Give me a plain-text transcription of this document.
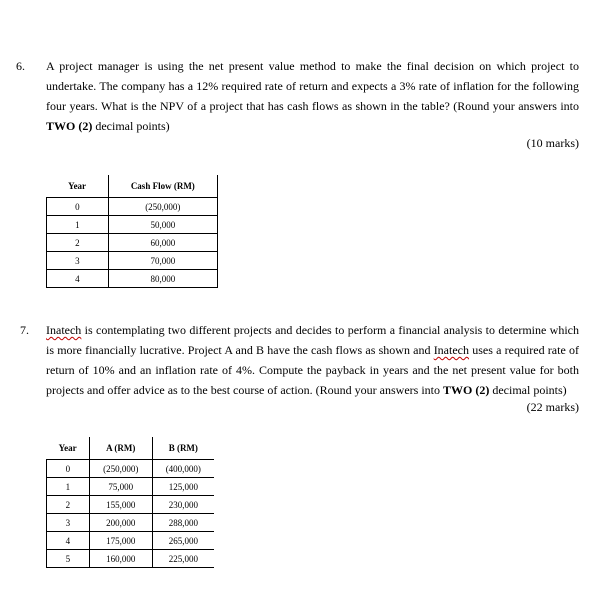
6. A project manager is using the net present value method to make the final decision on which project to undertake. The company has a 12% required rate of return and expects a 3% rate of inflation for the following four years. What is the NPV of a project that has cash flows as shown in the table? (Round your answers into TWO (2) decimal points)
(10 marks)
Year	Cash Flow (RM)
0	(250,000)
1	50,000
2	60,000
3	70,000
4	80,000
7. Inatech is contemplating two different projects and decides to perform a financial analysis to determine which is more financially lucrative. Project A and B have the cash flows as shown and Inatech uses a required rate of return of 10% and an inflation rate of 4%. Compute the payback in years and the net present value for both projects and offer advice as to the best course of action. (Round your answers into TWO (2) decimal points)
(22 marks)
Year	A (RM)	B (RM)
0	(250,000)	(400,000)
1	75,000	125,000
2	155,000	230,000
3	200,000	288,000
4	175,000	265,000
5	160,000	225,000
